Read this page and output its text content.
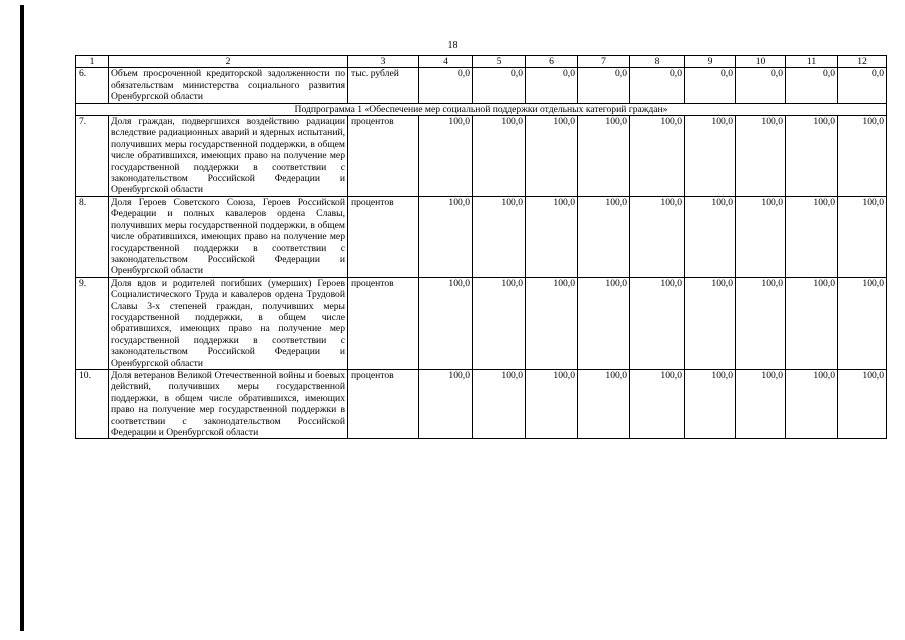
18
1	2	3	4	5	6	7	8	9	10	11	12
6.	Объем просроченной кредиторской задолженности по обязательствам министерства социального развития Оренбургской области	тыс. рублей	0,0	0,0	0,0	0,0	0,0	0,0	0,0	0,0	0,0
Подпрограмма 1 «Обеспечение мер социальной поддержки отдельных категорий граждан»											
7.	Доля граждан, подвергшихся воздействию радиации вследствие радиационных аварий и ядерных испытаний, получивших меры государственной поддержки, в общем числе обратившихся, имеющих право на получение мер государственной поддержки в соответствии с законодательством Российской Федерации и Оренбургской области	процентов	100,0	100,0	100,0	100,0	100,0	100,0	100,0	100,0	100,0
8.	Доля Героев Советского Союза, Героев Российской Федерации и полных кавалеров ордена Славы, получивших меры государственной поддержки, в общем числе обратившихся, имеющих право на получение мер государственной поддержки в соответствии с законодательством Российской Федерации и Оренбургской области	процентов	100,0	100,0	100,0	100,0	100,0	100,0	100,0	100,0	100,0
9.	Доля вдов и родителей погибших (умерших) Героев Социалистического Труда и кавалеров ордена Трудовой Славы 3-х степеней граждан, получивших меры государственной поддержки, в общем числе обратившихся, имеющих право на получение мер государственной поддержки в соответствии с законодательством Российской Федерации и Оренбургской области	процентов	100,0	100,0	100,0	100,0	100,0	100,0	100,0	100,0	100,0
10.	Доля ветеранов Великой Отечественной войны и боевых действий, получивших меры государственной поддержки, в общем числе обратившихся, имеющих право на получение мер государственной поддержки в соответствии с законодательством Российской Федерации и Оренбургской области	процентов	100,0	100,0	100,0	100,0	100,0	100,0	100,0	100,0	100,0
